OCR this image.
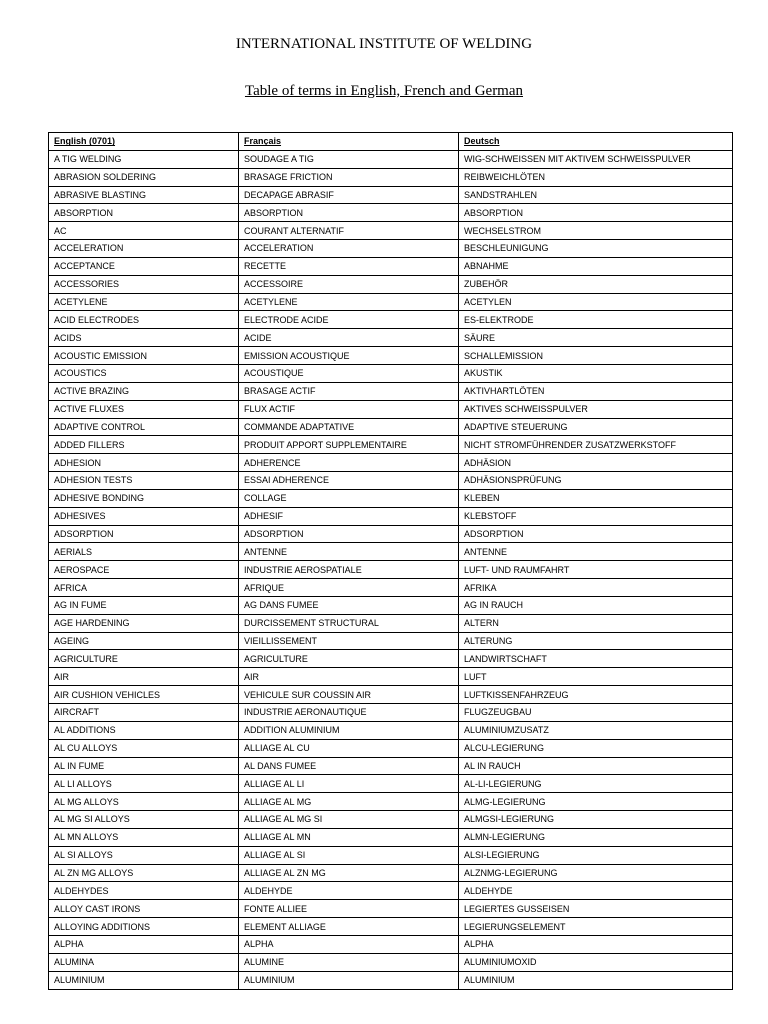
INTERNATIONAL INSTITUTE OF WELDING
Table of terms in English, French and German
English (0701)	Français	Deutsch
A TIG WELDING	SOUDAGE A TIG	WIG-SCHWEISSEN MIT AKTIVEM SCHWEISSPULVER
ABRASION SOLDERING	BRASAGE FRICTION	REIBWEICHLÖTEN
ABRASIVE BLASTING	DECAPAGE ABRASIF	SANDSTRAHLEN
ABSORPTION	ABSORPTION	ABSORPTION
AC	COURANT ALTERNATIF	WECHSELSTROM
ACCELERATION	ACCELERATION	BESCHLEUNIGUNG
ACCEPTANCE	RECETTE	ABNAHME
ACCESSORIES	ACCESSOIRE	ZUBEHÖR
ACETYLENE	ACETYLENE	ACETYLEN
ACID ELECTRODES	ELECTRODE ACIDE	ES-ELEKTRODE
ACIDS	ACIDE	SÄURE
ACOUSTIC EMISSION	EMISSION ACOUSTIQUE	SCHALLEMISSION
ACOUSTICS	ACOUSTIQUE	AKUSTIK
ACTIVE BRAZING	BRASAGE ACTIF	AKTIVHARTLÖTEN
ACTIVE FLUXES	FLUX ACTIF	AKTIVES SCHWEISSPULVER
ADAPTIVE CONTROL	COMMANDE ADAPTATIVE	ADAPTIVE STEUERUNG
ADDED FILLERS	PRODUIT APPORT SUPPLEMENTAIRE	NICHT STROMFÜHRENDER ZUSATZWERKSTOFF
ADHESION	ADHERENCE	ADHÄSION
ADHESION TESTS	ESSAI ADHERENCE	ADHÄSIONSPRÜFUNG
ADHESIVE BONDING	COLLAGE	KLEBEN
ADHESIVES	ADHESIF	KLEBSTOFF
ADSORPTION	ADSORPTION	ADSORPTION
AERIALS	ANTENNE	ANTENNE
AEROSPACE	INDUSTRIE AEROSPATIALE	LUFT- UND RAUMFAHRT
AFRICA	AFRIQUE	AFRIKA
AG IN FUME	AG DANS FUMEE	AG IN RAUCH
AGE HARDENING	DURCISSEMENT STRUCTURAL	ALTERN
AGEING	VIEILLISSEMENT	ALTERUNG
AGRICULTURE	AGRICULTURE	LANDWIRTSCHAFT
AIR	AIR	LUFT
AIR CUSHION VEHICLES	VEHICULE SUR COUSSIN AIR	LUFTKISSENFAHRZEUG
AIRCRAFT	INDUSTRIE AERONAUTIQUE	FLUGZEUGBAU
AL ADDITIONS	ADDITION ALUMINIUM	ALUMINIUMZUSATZ
AL CU ALLOYS	ALLIAGE AL CU	ALCU-LEGIERUNG
AL IN FUME	AL DANS FUMEE	AL IN RAUCH
AL LI ALLOYS	ALLIAGE AL LI	AL-LI-LEGIERUNG
AL MG ALLOYS	ALLIAGE AL MG	ALMG-LEGIERUNG
AL MG SI ALLOYS	ALLIAGE AL MG SI	ALMGSI-LEGIERUNG
AL MN ALLOYS	ALLIAGE AL MN	ALMN-LEGIERUNG
AL SI ALLOYS	ALLIAGE AL SI	ALSI-LEGIERUNG
AL ZN MG ALLOYS	ALLIAGE AL ZN MG	ALZNMG-LEGIERUNG
ALDEHYDES	ALDEHYDE	ALDEHYDE
ALLOY CAST IRONS	FONTE ALLIEE	LEGIERTES GUSSEISEN
ALLOYING ADDITIONS	ELEMENT ALLIAGE	LEGIERUNGSELEMENT
ALPHA	ALPHA	ALPHA
ALUMINA	ALUMINE	ALUMINIUMOXID
ALUMINIUM	ALUMINIUM	ALUMINIUM
